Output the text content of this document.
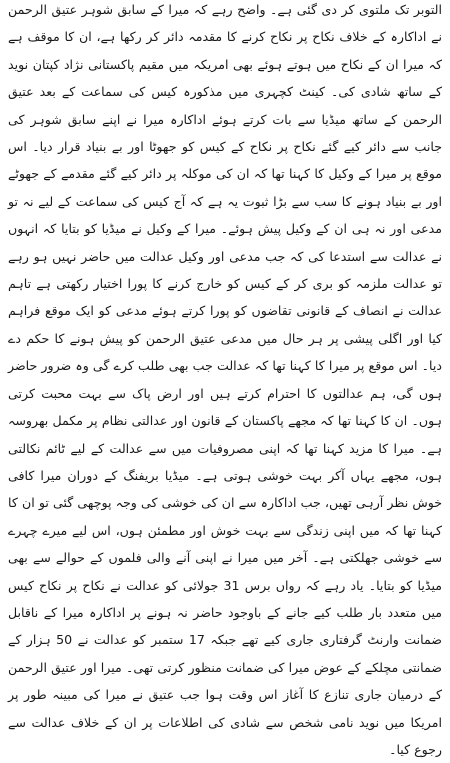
التوبر تک ملتوی کر دی گئی ہے۔ واضح رہے کہ میرا کے سابق شوہر عتیق الرحمن نے اداکارہ کے خلاف نکاح پر نکاح کرنے کا مقدمہ دائر کر رکھا ہے، ان کا موقف ہے کہ میرا ان کے نکاح میں ہوتے ہوئے بھی امریکہ میں مقیم پاکستانی نژاد کپتان نوید کے ساتھ شادی کی۔ کینٹ کچہری میں مذکورہ کیس کی سماعت کے بعد عتیق الرحمن کے ساتھ میڈیا سے بات کرتے ہوئے اداکارہ میرا نے اپنے سابق شوہر کی جانب سے دائر کیے گئے نکاح پر نکاح کے کیس کو جھوٹا اور بے بنیاد قرار دیا۔ اس موقع پر میرا کے وکیل کا کہنا تھا کہ ان کی موکلہ پر دائر کیے گئے مقدمے کے جھوٹے اور بے بنیاد ہونے کا سب سے بڑا ثبوت یہ ہے کہ آج کیس کی سماعت کے لیے نہ تو مدعی اور نہ ہی ان کے وکیل پیش ہوئے۔ میرا کے وکیل نے میڈیا کو بتایا کہ انہوں نے عدالت سے استدعا کی کہ جب مدعی اور وکیل عدالت میں حاضر نہیں ہو رہے تو عدالت ملزمہ کو بری کر کے کیس کو خارج کرنے کا پورا اختیار رکھتی ہے تاہم عدالت نے انصاف کے قانونی تقاضوں کو پورا کرتے ہوئے مدعی کو ایک موقع فراہم کیا اور اگلی پیشی پر ہر حال میں مدعی عتیق الرحمن کو پیش ہونے کا حکم دے دیا۔ اس موقع پر میرا کا کہنا تھا کہ عدالت جب بھی طلب کرے گی وہ ضرور حاضر ہوں گی، ہم عدالتوں کا احترام کرتے ہیں اور ارض پاک سے بہت محبت کرتی ہوں۔ ان کا کہنا تھا کہ مجھے پاکستان کے قانون اور عدالتی نظام پر مکمل بھروسہ ہے۔ میرا کا مزید کہنا تھا کہ اپنی مصروفیات میں سے عدالت کے لیے ٹائم نکالتی ہوں، مجھے یہاں آکر بہت خوشی ہوتی ہے۔ میڈیا بریفنگ کے دوران میرا کافی خوش نظر آرہی تھیں، جب اداکارہ سے ان کی خوشی کی وجہ پوچھی گئی تو ان کا کہنا تھا کہ میں اپنی زندگی سے بہت خوش اور مطمئن ہوں، اس لیے میرے چہرے سے خوشی جھلکتی ہے۔ آخر میں میرا نے اپنی آنے والی فلموں کے حوالے سے بھی میڈیا کو بتایا۔ یاد رہے کہ رواں برس 31 جولائی کو عدالت نے نکاح پر نکاح کیس میں متعدد بار طلب کیے جانے کے باوجود حاضر نہ ہونے پر اداکارہ میرا کے ناقابل ضمانت وارنٹ گرفتاری جاری کیے تھے جبکہ 17 ستمبر کو عدالت نے 50 ہزار کے ضمانتی مچلکے کے عوض میرا کی ضمانت منظور کرتی تھی۔ میرا اور عتیق الرحمن کے درمیان جاری تنازع کا آغاز اس وقت ہوا جب عتیق نے میرا کی مبینہ طور پر امریکا میں نوید نامی شخص سے شادی کی اطلاعات پر ان کے خلاف عدالت سے رجوع کیا۔
